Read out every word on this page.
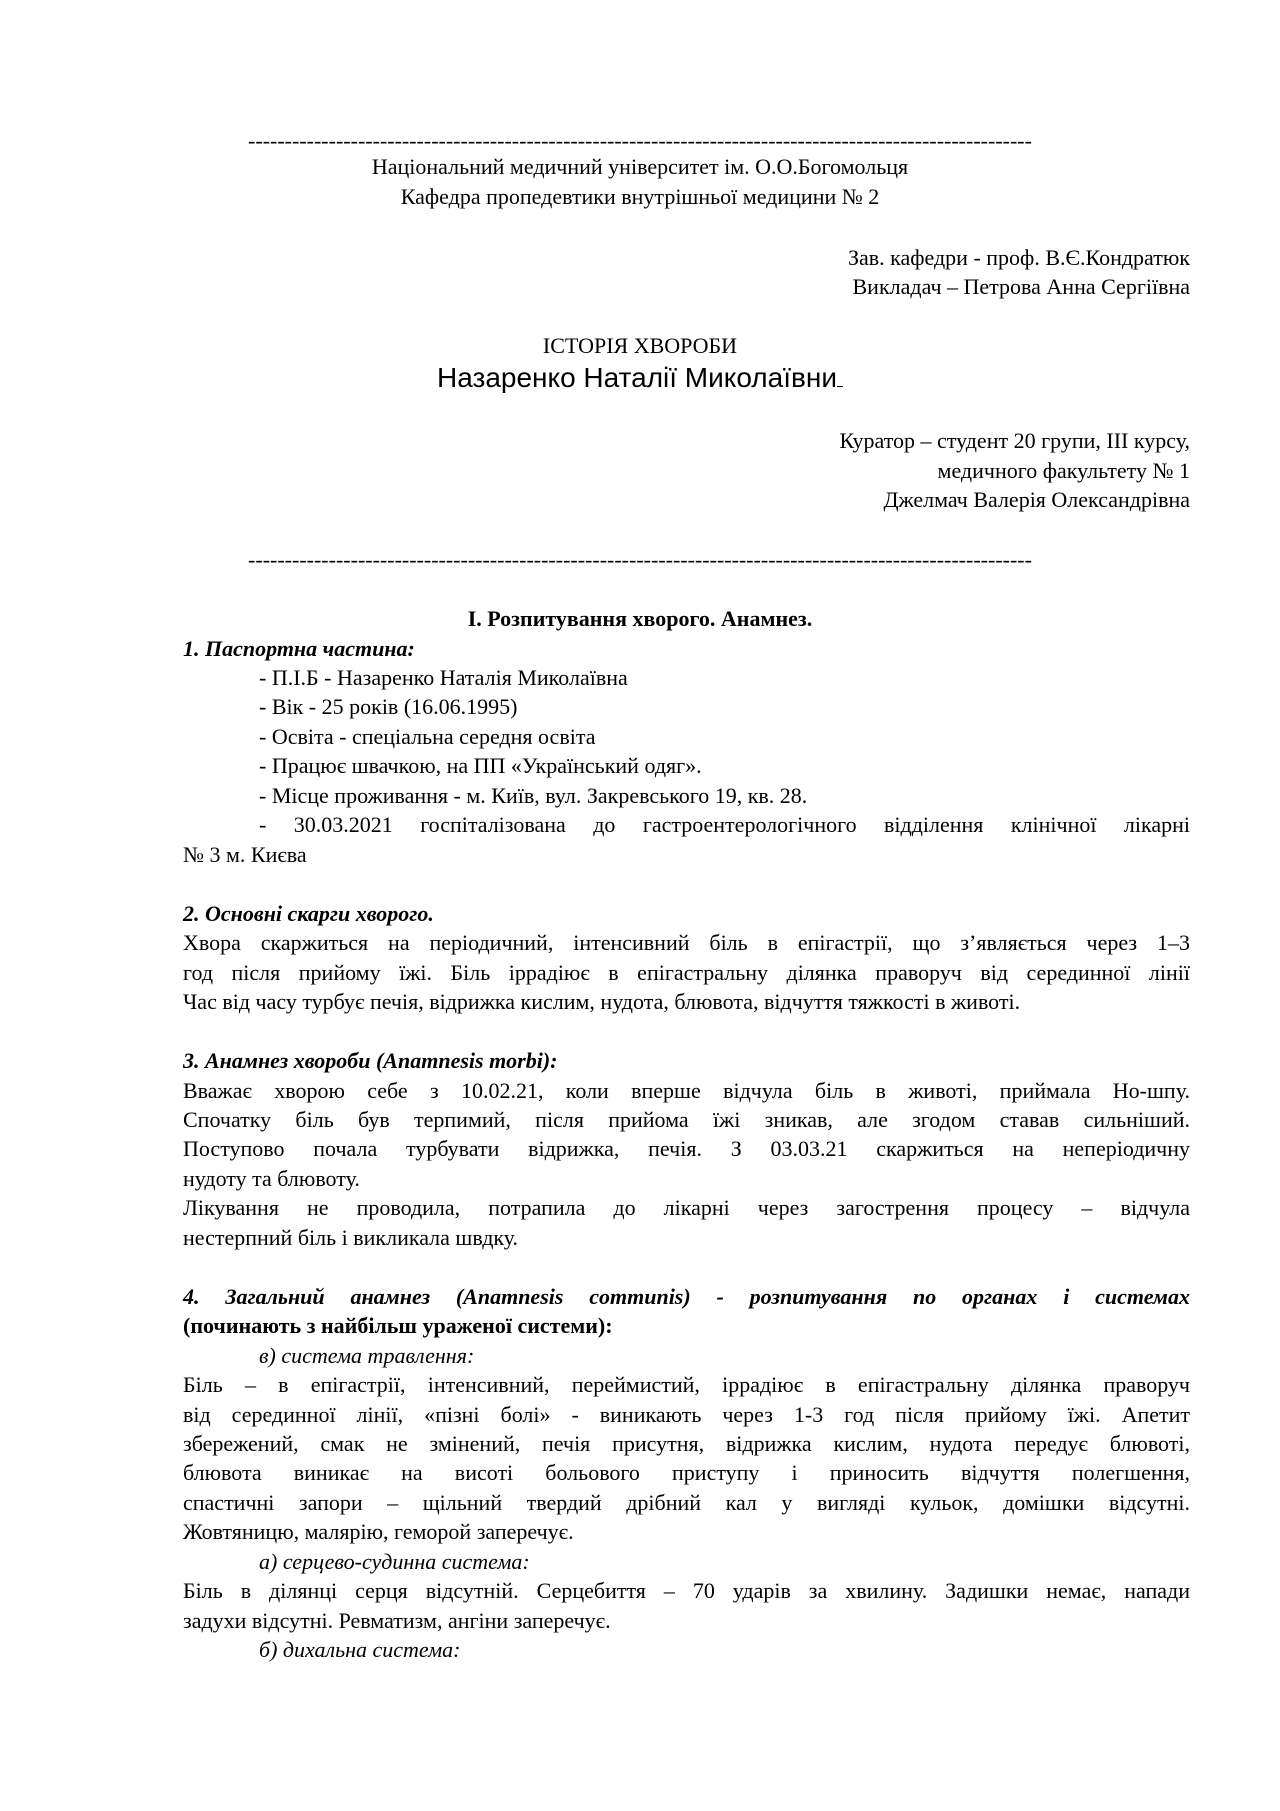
-----------------------------------------------------------------------------------------------------------
Національний медичний університет ім. О.О.Богомольця
Кафедра пропедевтики внутрішньої медицини № 2
Зав. кафедри - проф. В.Є.Кондратюк
Викладач – Петрова Анна Сергіївна
ІСТОРІЯ ХВОРОБИ
Назаренко Наталії Миколаївни
Куратор – студент 20 групи, ІІІ курсу,
медичного факультету № 1
Джелмач Валерія Олександрівна
-----------------------------------------------------------------------------------------------------------
І. Розпитування хворого. Анамнез.
1. Паспортна частина:
- П.І.Б - Назаренко Наталія Миколаївна
- Вік - 25 років (16.06.1995)
- Освіта - спеціальна середня освіта
- Працює швачкою, на ПП «Український одяг».
- Місце проживання - м. Київ, вул. Закревського 19, кв. 28.
- 30.03.2021 госпіталізована до гастроентерологічного відділення клінічної лікарні
№ 3 м. Києва
2. Основні скарги хворого.
Хвора скаржиться на періодичний, інтенсивний біль в епігастрії, що з’являється через 1–3
год після прийому їжі. Біль іррадіює в епігастральну ділянка праворуч від серединної лінії
Час від часу турбує печія, відрижка кислим, нудота, блювота, відчуття тяжкості в животі.
3. Анамнез хвороби (Anamnesis morbi):
Вважає хворою себе з 10.02.21, коли вперше відчула біль в животі, приймала Но-шпу.
Спочатку біль був терпимий, після прийома їжі зникав, але згодом ставав сильніший.
Поступово почала турбувати відрижка, печія. З 03.03.21 скаржиться на неперіодичну
нудоту та блювоту.
Лікування не проводила, потрапила до лікарні через загострення процесу – відчула
нестерпний біль і викликала швдку.
4. Загальний анамнез (Anamnesis communis) - розпитування по органах і системах
(починають з найбільш ураженої системи):
в) система травлення:
Біль – в епігастрії, інтенсивний, переймистий, іррадіює в епігастральну ділянка праворуч
від серединної лінії, «пізні болі» - виникають через 1-3 год після прийому їжі. Апетит
збережений, смак не змінений, печія присутня, відрижка кислим, нудота передує блювоті,
блювота виникає на висоті больового приступу і приносить відчуття полегшення,
спастичні запори – щільний твердий дрібний кал у вигляді кульок, домішки відсутні.
Жовтяницю, малярію, геморой заперечує.
а) серцево-судинна система:
Біль в ділянці серця відсутній. Серцебиття – 70 ударів за хвилину. Задишки немає, напади
задухи відсутні. Ревматизм, ангіни заперечує.
б) дихальна система:
